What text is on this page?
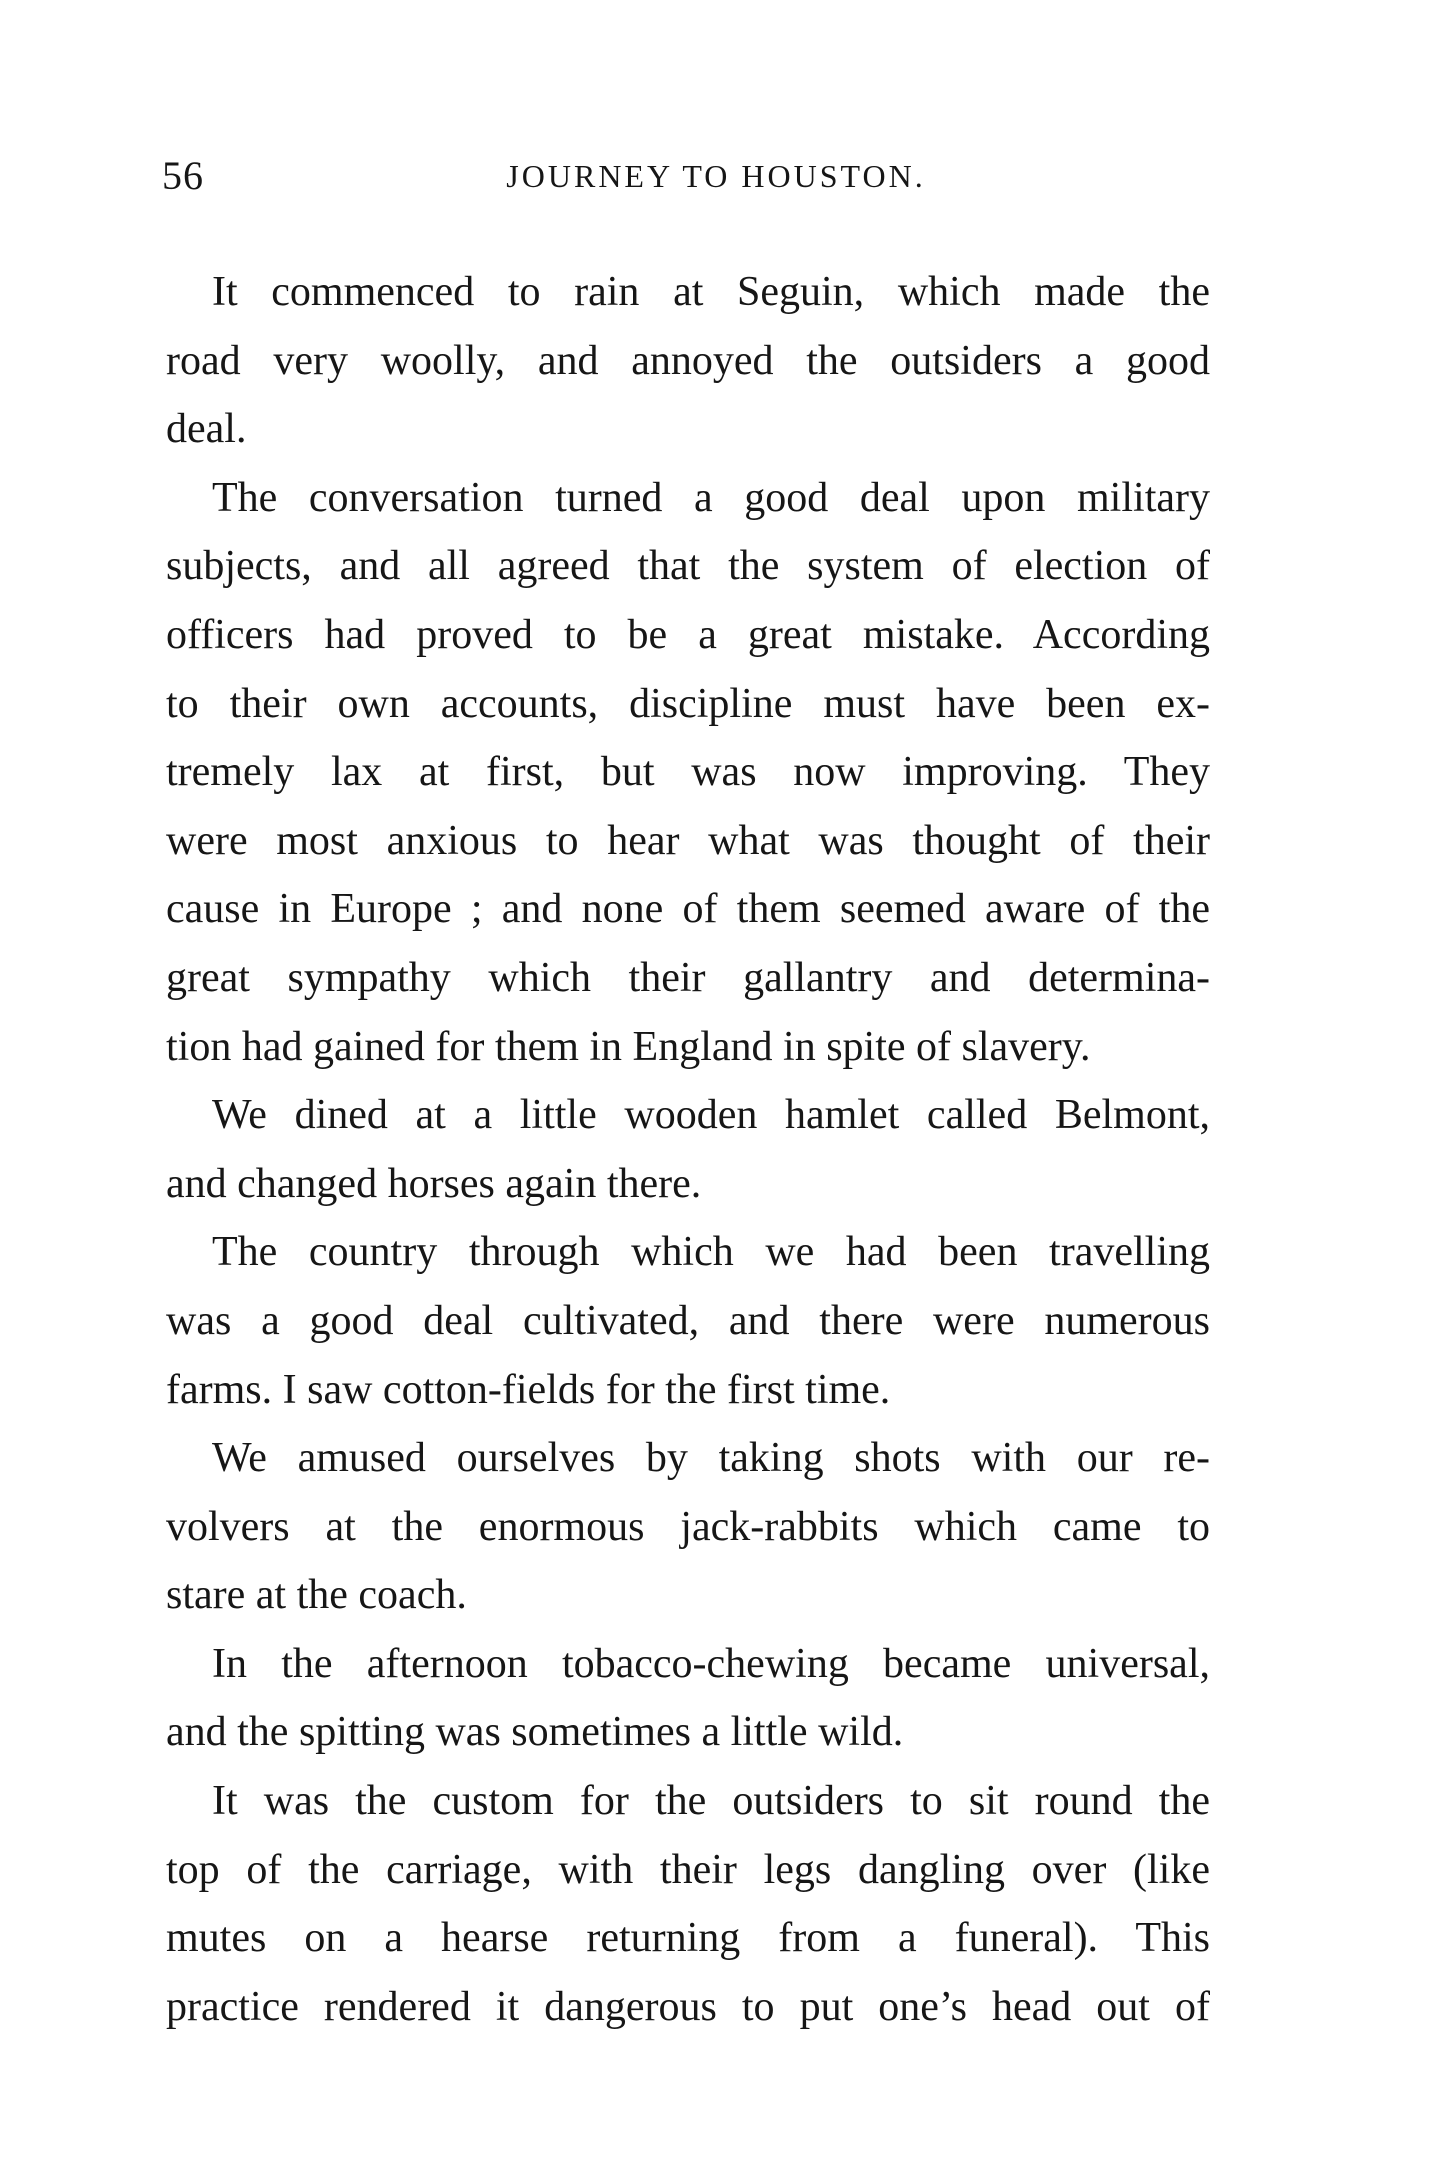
56	JOURNEY TO HOUSTON.
It commenced to rain at Seguin, which made the
road very woolly, and annoyed the outsiders a good
deal.
The conversation turned a good deal upon military
subjects, and all agreed that the system of election of
officers had proved to be a great mistake. According
to their own accounts, discipline must have been ex-
tremely lax at first, but was now improving. They
were most anxious to hear what was thought of their
cause in Europe ; and none of them seemed aware of the
great sympathy which their gallantry and determina-
tion had gained for them in England in spite of slavery.
We dined at a little wooden hamlet called Belmont,
and changed horses again there.
The country through which we had been travelling
was a good deal cultivated, and there were numerous
farms. I saw cotton-fields for the first time.
We amused ourselves by taking shots with our re-
volvers at the enormous jack-rabbits which came to
stare at the coach.
In the afternoon tobacco-chewing became universal,
and the spitting was sometimes a little wild.
It was the custom for the outsiders to sit round the
top of the carriage, with their legs dangling over (like
mutes on a hearse returning from a funeral). This
practice rendered it dangerous to put one’s head out of
